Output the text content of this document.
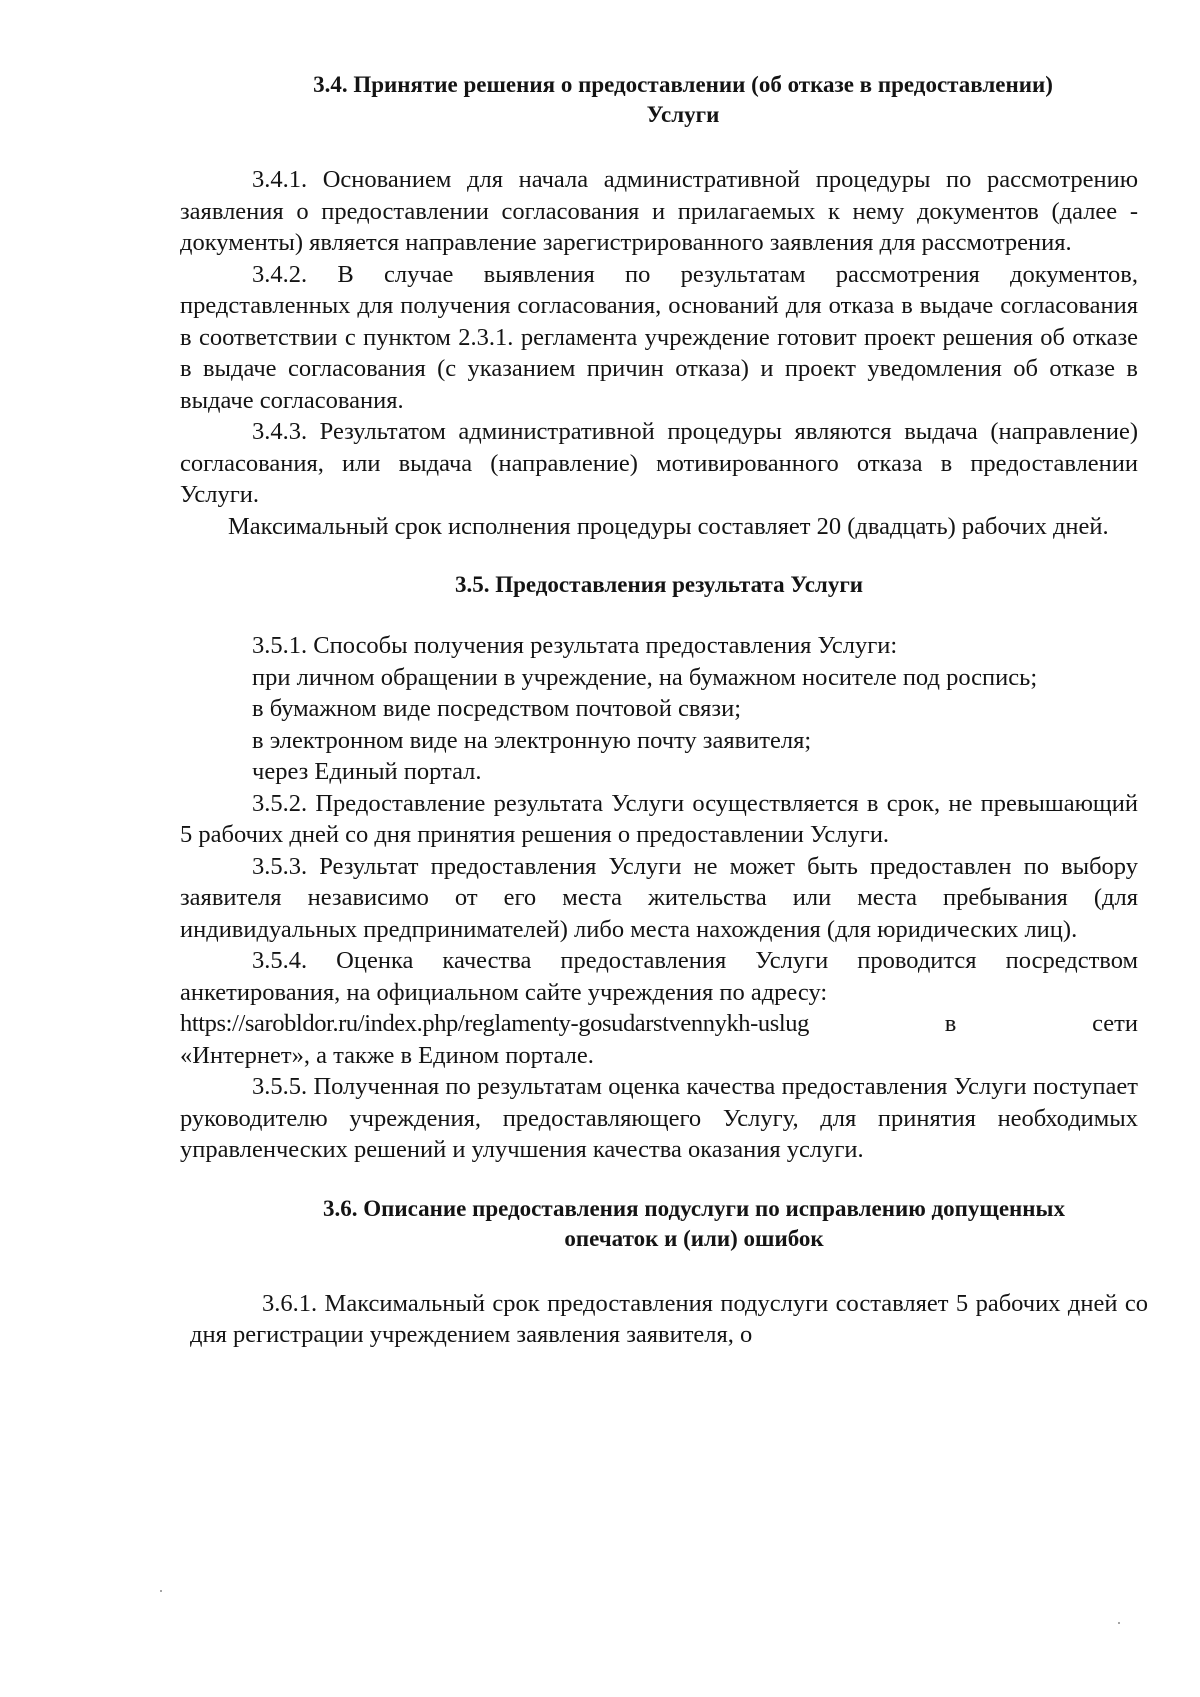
3.4. Принятие решения о предоставлении (об отказе в предоставлении)
Услуги

3.4.1. Основанием для начала административной процедуры по рассмотрению заявления о предоставлении согласования и прилагаемых к нему документов (далее - документы) является направление зарегистрированного заявления для рассмотрения.

3.4.2. В случае выявления по результатам рассмотрения документов, представленных для получения согласования, оснований для отказа в выдаче согласования в соответствии с пунктом 2.3.1. регламента учреждение готовит проект решения об отказе в выдаче согласования (с указанием причин отказа) и проект уведомления об отказе в выдаче согласования.

3.4.3. Результатом административной процедуры являются выдача (направление) согласования, или выдача (направление) мотивированного отказа в предоставлении Услуги.

Максимальный срок исполнения процедуры составляет 20 (двадцать) рабочих дней.

3.5. Предоставления результата Услуги

3.5.1. Способы получения результата предоставления Услуги:

при личном обращении в учреждение, на бумажном носителе под роспись;

в бумажном виде посредством почтовой связи;

в электронном виде на электронную почту заявителя;

через Единый портал.

3.5.2. Предоставление результата Услуги осуществляется в срок, не превышающий 5 рабочих дней со дня принятия решения о предоставлении Услуги.

3.5.3. Результат предоставления Услуги не может быть предоставлен по выбору заявителя независимо от его места жительства или места пребывания (для индивидуальных предпринимателей) либо места нахождения (для юридических лиц).

3.5.4. Оценка качества предоставления Услуги проводится посредством анкетирования, на официальном сайте учреждения по адресу:

https://sarobldor.ru/index.php/reglamenty-gosudarstvennykh-uslug	в	сети

«Интернет», а также в Едином портале.

3.5.5. Полученная по результатам оценка качества предоставления Услуги поступает руководителю учреждения, предоставляющего Услугу, для принятия необходимых управленческих решений и улучшения качества оказания услуги.

3.6. Описание предоставления подуслуги по исправлению допущенных
опечаток и (или) ошибок

3.6.1. Максимальный срок предоставления подуслуги составляет 5 рабочих дней со дня регистрации учреждением заявления заявителя, о
